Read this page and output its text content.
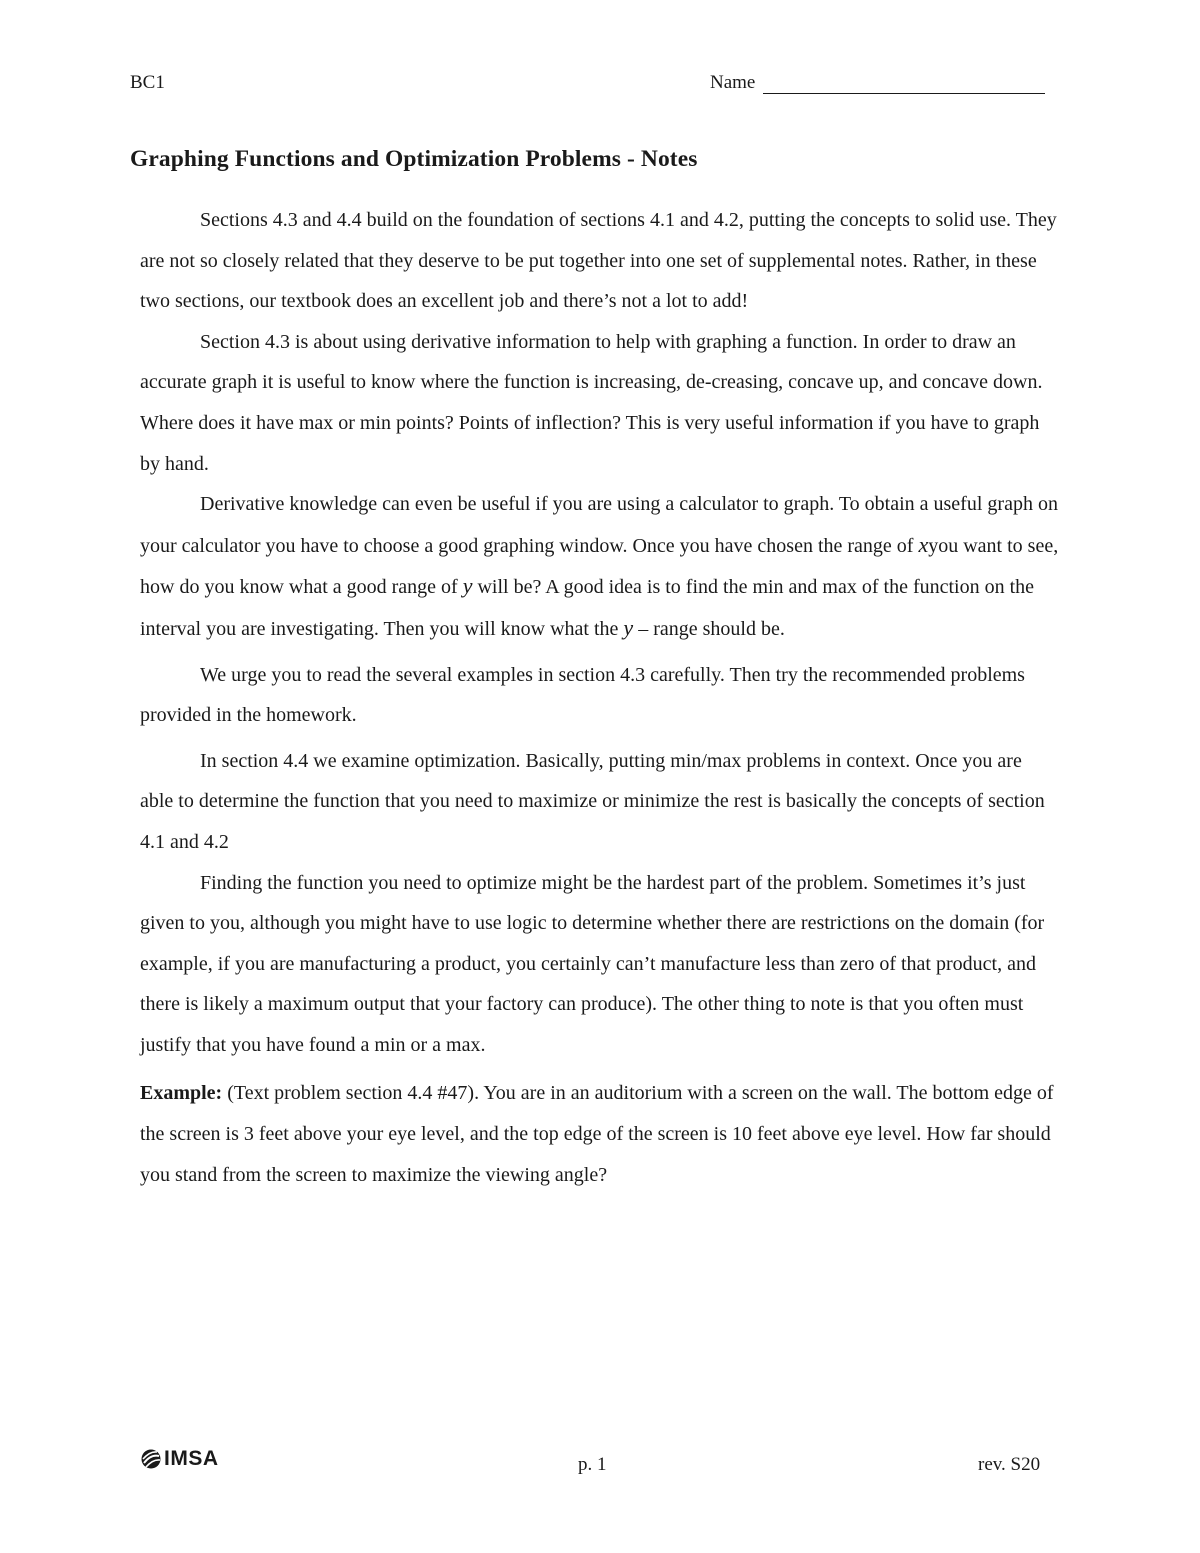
BC1	Name
Graphing Functions and Optimization Problems - Notes

Sections 4.3 and 4.4 build on the foundation of sections 4.1 and 4.2, putting the concepts to solid use. They are not so closely related that they deserve to be put together into one set of supplemental notes. Rather, in these two sections, our textbook does an excellent job and there’s not a lot to add!

Section 4.3 is about using derivative information to help with graphing a function. In order to draw an accurate graph it is useful to know where the function is increasing, de-creasing, concave up, and concave down. Where does it have max or min points? Points of inflection? This is very useful information if you have to graph by hand.

Derivative knowledge can even be useful if you are using a calculator to graph. To obtain a useful graph on your calculator you have to choose a good graphing window. Once you have chosen the range of xyou want to see, how do you know what a good range of y will be? A good idea is to find the min and max of the function on the interval you are investigating. Then you will know what the y – range should be.

We urge you to read the several examples in section 4.3 carefully. Then try the recommended problems provided in the homework.

In section 4.4 we examine optimization. Basically, putting min/max problems in context. Once you are able to determine the function that you need to maximize or minimize the rest is basically the concepts of section 4.1 and 4.2

Finding the function you need to optimize might be the hardest part of the problem. Sometimes it’s just given to you, although you might have to use logic to determine whether there are restrictions on the domain (for example, if you are manufacturing a product, you certainly can’t manufacture less than zero of that product, and there is likely a maximum output that your factory can produce). The other thing to note is that you often must justify that you have found a min or a max.

Example: (Text problem section 4.4 #47). You are in an auditorium with a screen on the wall. The bottom edge of the screen is 3 feet above your eye level, and the top edge of the screen is 10 feet above eye level. How far should you stand from the screen to maximize the viewing angle?

IMSA	p. 1	rev. S20
